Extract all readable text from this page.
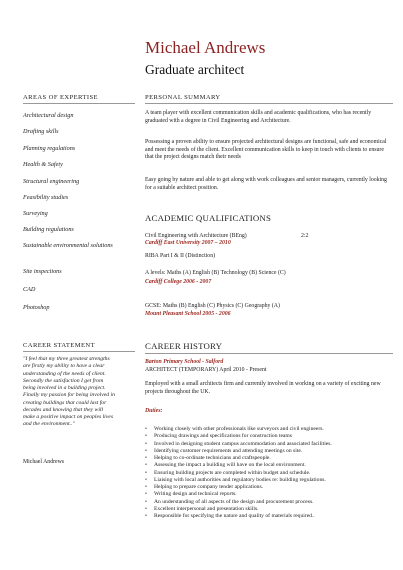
Michael Andrews
Graduate architect
AREAS OF EXPERTISE
Architectural design
Drafting skills
Planning regulations
Health & Safety
Structural engineering
Feasibility studies
Surveying
Building regulations
Sustainable environmental solutions
Site inspections
CAD
Photoshop
CAREER STATEMENT
"I feel that my three greatest strengths are firstly my ability to have a clear understanding of the needs of client. Secondly the satisfaction I get from being involved in a building project. Finally my passion for being involved in creating buildings that could last for decades and knowing that they will make a positive impact on peoples lives and the environment.."
Michael Andrews
PERSONAL SUMMARY
A team player with excellent communication skills and academic qualifications, who has recently graduated with a degree in Civil Engineering and Architecture.
Possessing a proven ability to ensure projected architectural designs are functional, safe and economical and meet the needs of the client. Excellent communication skills to keep in touch with clients to ensure that the project designs match their needs
Easy going by nature and able to get along with work colleagues and senior managers, currently looking for a suitable architect position.
ACADEMIC QUALIFICATIONS
Civil Engineering with Architecture (BEng)	2:2
Cardiff East University 2007 – 2010
RIBA Part I & II (Distinction)
A levels: Maths (A) English (B) Technology (B) Science (C)
Cardiff College 2006 - 2007
GCSE: Maths (B) English (C) Physics (C) Geography (A)
Mount Pleasant School 2005 - 2006
CAREER HISTORY
Barton Primary School - Salford
ARCHITECT (TEMPORARY) April 2010 - Present
Employed with a small architects firm and currently involved in working on a variety of exciting new projects throughout the UK.
Duties:
• Working closely with other professionals like surveyors and civil engineers.
• Producing drawings and specifications for construction teams
• Involved in designing student campus accommodation and associated facilities.
• Identifying customer requirements and attending meetings on site.
• Helping to co-ordinate technicians and craftspeople.
• Assessing the impact a building will have on the local environment.
• Ensuring building projects are completed within budget and schedule.
• Liaising with local authorities and regulatory bodies re: building regulations.
• Helping to prepare company tender applications.
• Writing design and technical reports.
• An understanding of all aspects of the design and procurement process.
• Excellent interpersonal and presentation skills.
• Responsible for specifying the nature and quality of materials required..
